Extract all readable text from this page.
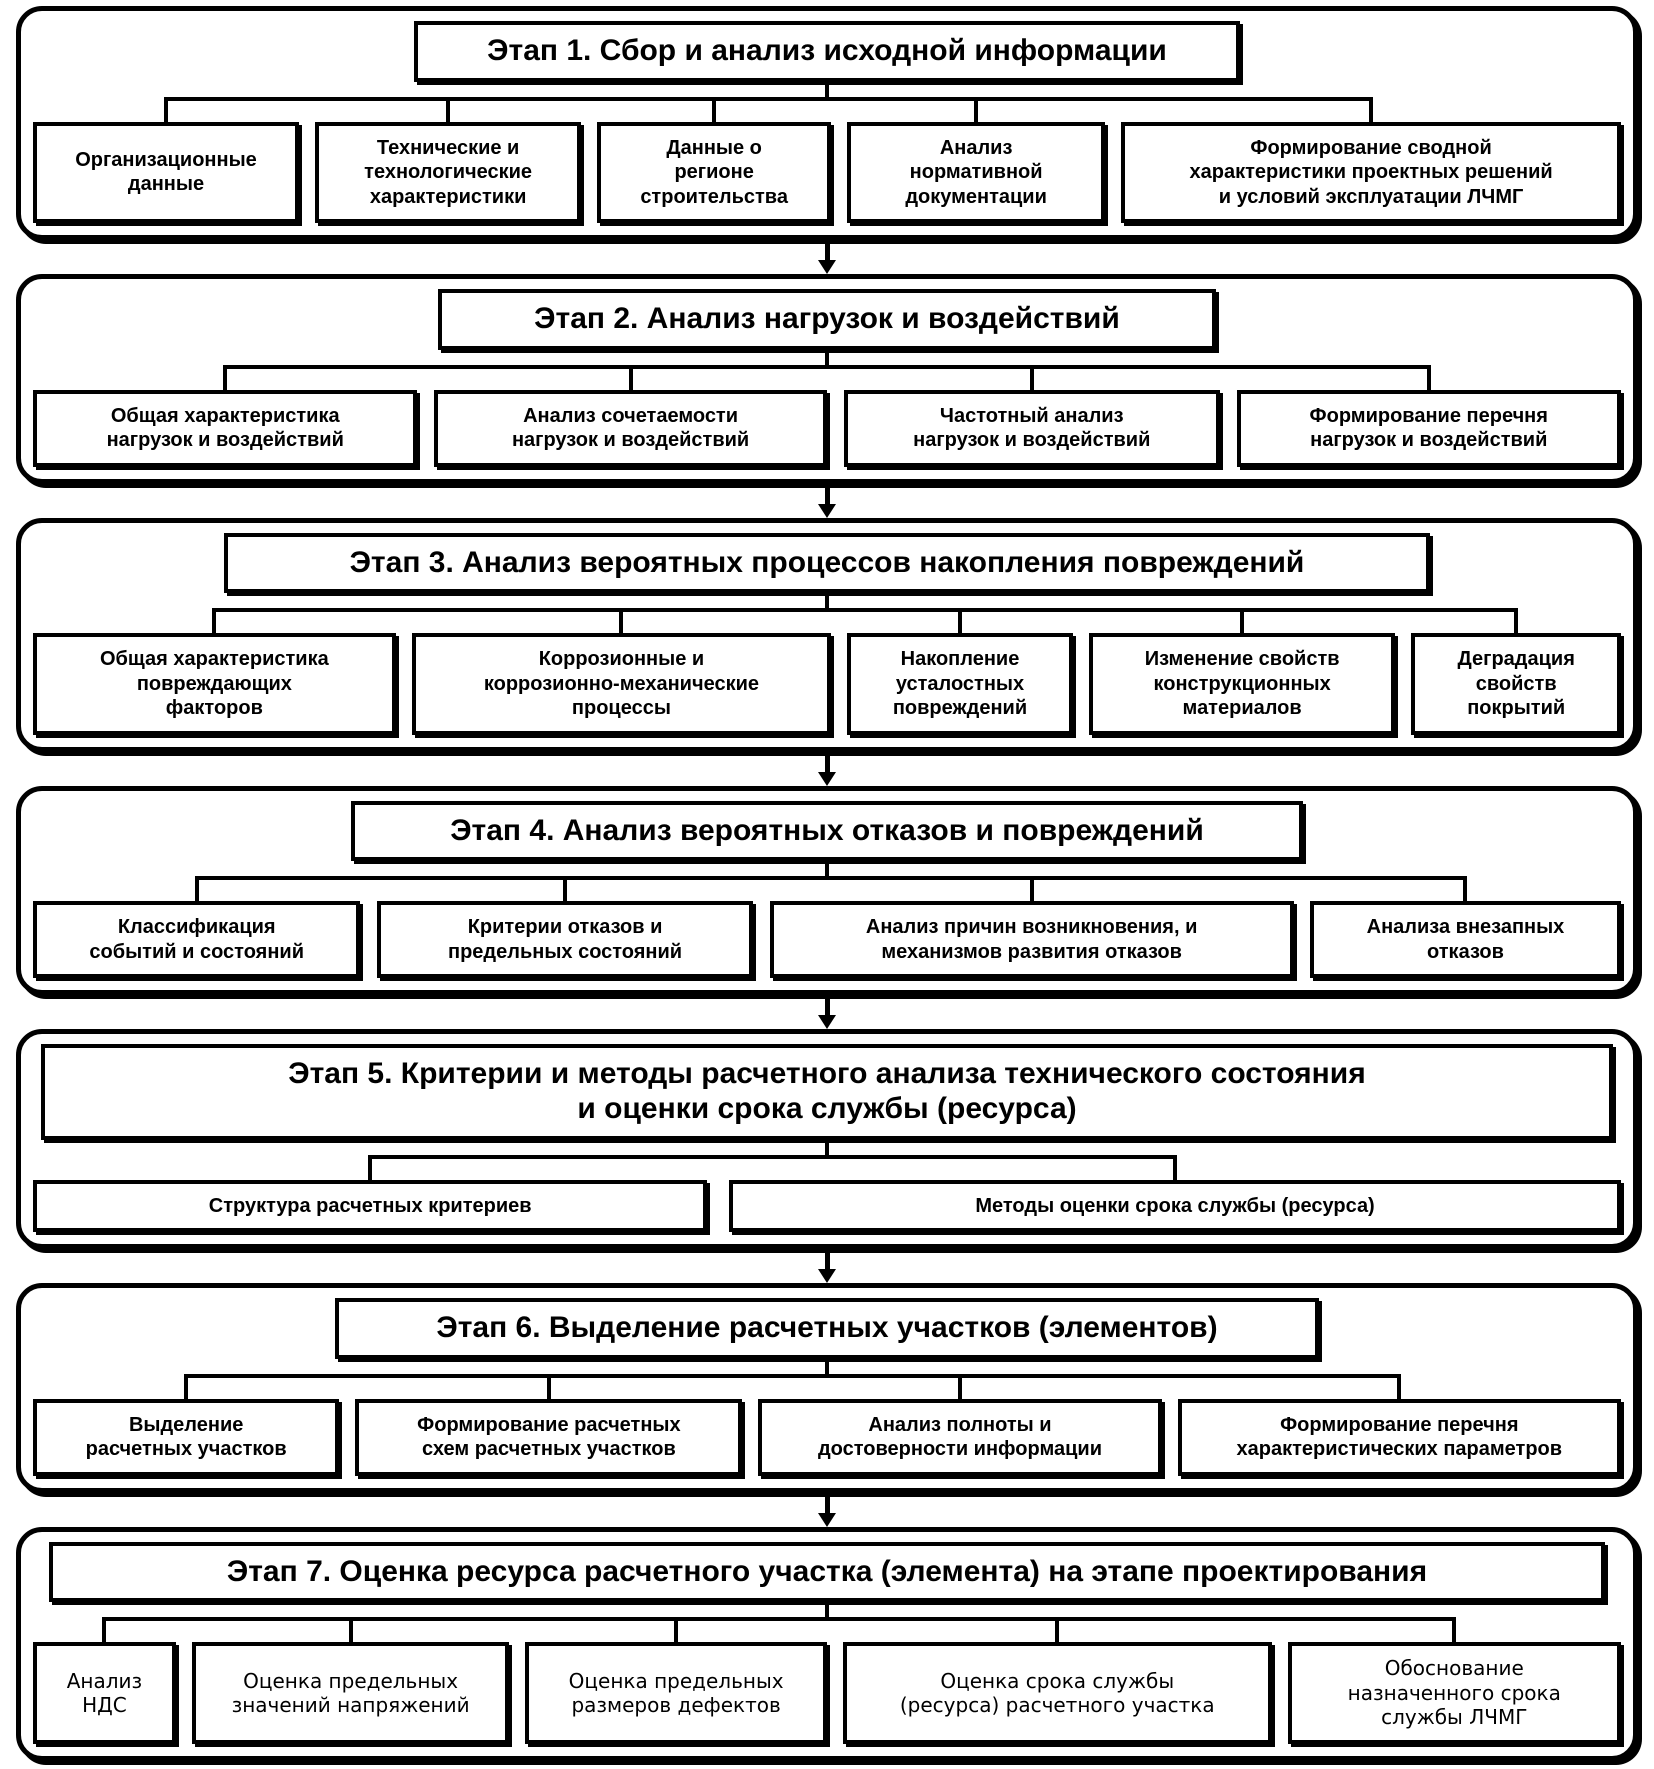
Этап 1. Сбор и анализ исходной информации
Организационные
данные
Технические и
технологические
характеристики
Данные о
регионе
строительства
Анализ
нормативной
документации
Формирование сводной
характеристики проектных решений
и условий эксплуатации ЛЧМГ
Этап 2. Анализ нагрузок и воздействий
Общая характеристика
нагрузок и воздействий
Анализ сочетаемости
нагрузок и воздействий
Частотный анализ
нагрузок и воздействий
Формирование перечня
нагрузок и воздействий
Этап 3. Анализ вероятных процессов накопления повреждений
Общая характеристика
повреждающих
факторов
Коррозионные и
коррозионно-механические
процессы
Накопление
усталостных
повреждений
Изменение свойств
конструкционных
материалов
Деградация
свойств
покрытий
Этап 4. Анализ вероятных отказов и повреждений
Классификация
событий и состояний
Критерии отказов и
предельных состояний
Анализ причин возникновения, и
механизмов развития отказов
Анализа внезапных
отказов
Этап 5. Критерии и методы расчетного анализа технического состояния
и оценки срока службы (ресурса)
Структура расчетных критериев	Методы оценки срока службы (ресурса)
Этап 6. Выделение расчетных участков (элементов)
Выделение
расчетных участков
Формирование расчетных
схем расчетных участков
Анализ полноты и
достоверности информации
Формирование перечня
характеристических параметров
Этап 7. Оценка ресурса расчетного участка (элемента) на этапе проектирования
Анализ
НДС
Оценка предельных
значений напряжений
Оценка предельных
размеров дефектов
Оценка срока службы
(ресурса) расчетного участка
Обоснование
назначенного срока
службы ЛЧМГ
